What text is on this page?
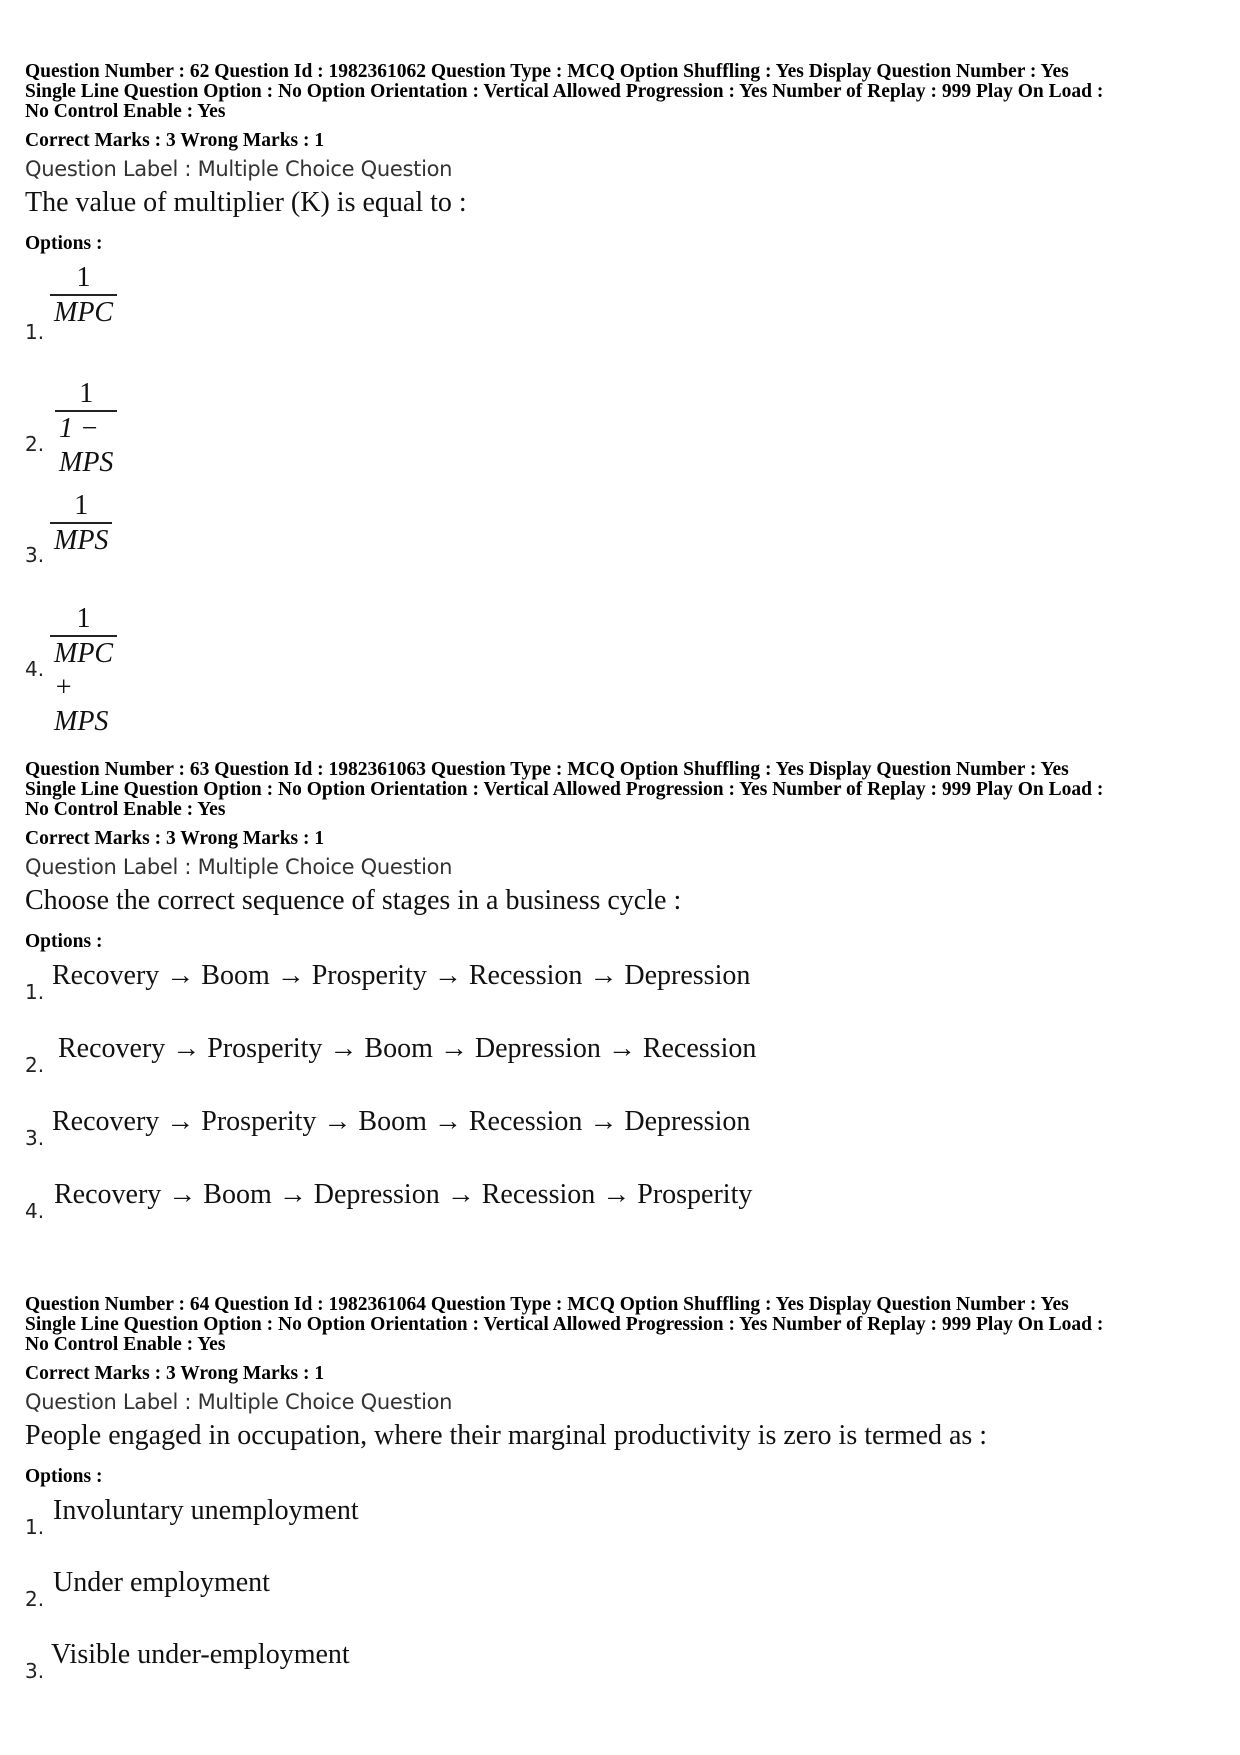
Question Number : 62 Question Id : 1982361062 Question Type : MCQ Option Shuffling : Yes Display Question Number : Yes
Single Line Question Option : No Option Orientation : Vertical Allowed Progression : Yes Number of Replay : 999 Play On Load :
No Control Enable : Yes
Correct Marks : 3 Wrong Marks : 1
Question Label : Multiple Choice Question
The value of multiplier (K) is equal to :
Options :
1.
1
MPC
2.
1
1 − MPS
3.
1
MPS
4.
1
MPC + MPS
Question Number : 63 Question Id : 1982361063 Question Type : MCQ Option Shuffling : Yes Display Question Number : Yes
Single Line Question Option : No Option Orientation : Vertical Allowed Progression : Yes Number of Replay : 999 Play On Load :
No Control Enable : Yes
Correct Marks : 3 Wrong Marks : 1
Question Label : Multiple Choice Question
Choose the correct sequence of stages in a business cycle :
Options :
1.
Recovery → Boom → Prosperity → Recession → Depression
2.
Recovery → Prosperity → Boom → Depression → Recession
3.
Recovery → Prosperity → Boom → Recession → Depression
4.
Recovery → Boom → Depression → Recession → Prosperity
Question Number : 64 Question Id : 1982361064 Question Type : MCQ Option Shuffling : Yes Display Question Number : Yes
Single Line Question Option : No Option Orientation : Vertical Allowed Progression : Yes Number of Replay : 999 Play On Load :
No Control Enable : Yes
Correct Marks : 3 Wrong Marks : 1
Question Label : Multiple Choice Question
People engaged in occupation, where their marginal productivity is zero is termed as :
Options :
1.
Involuntary unemployment
2.
Under employment
3.
Visible under-employment
